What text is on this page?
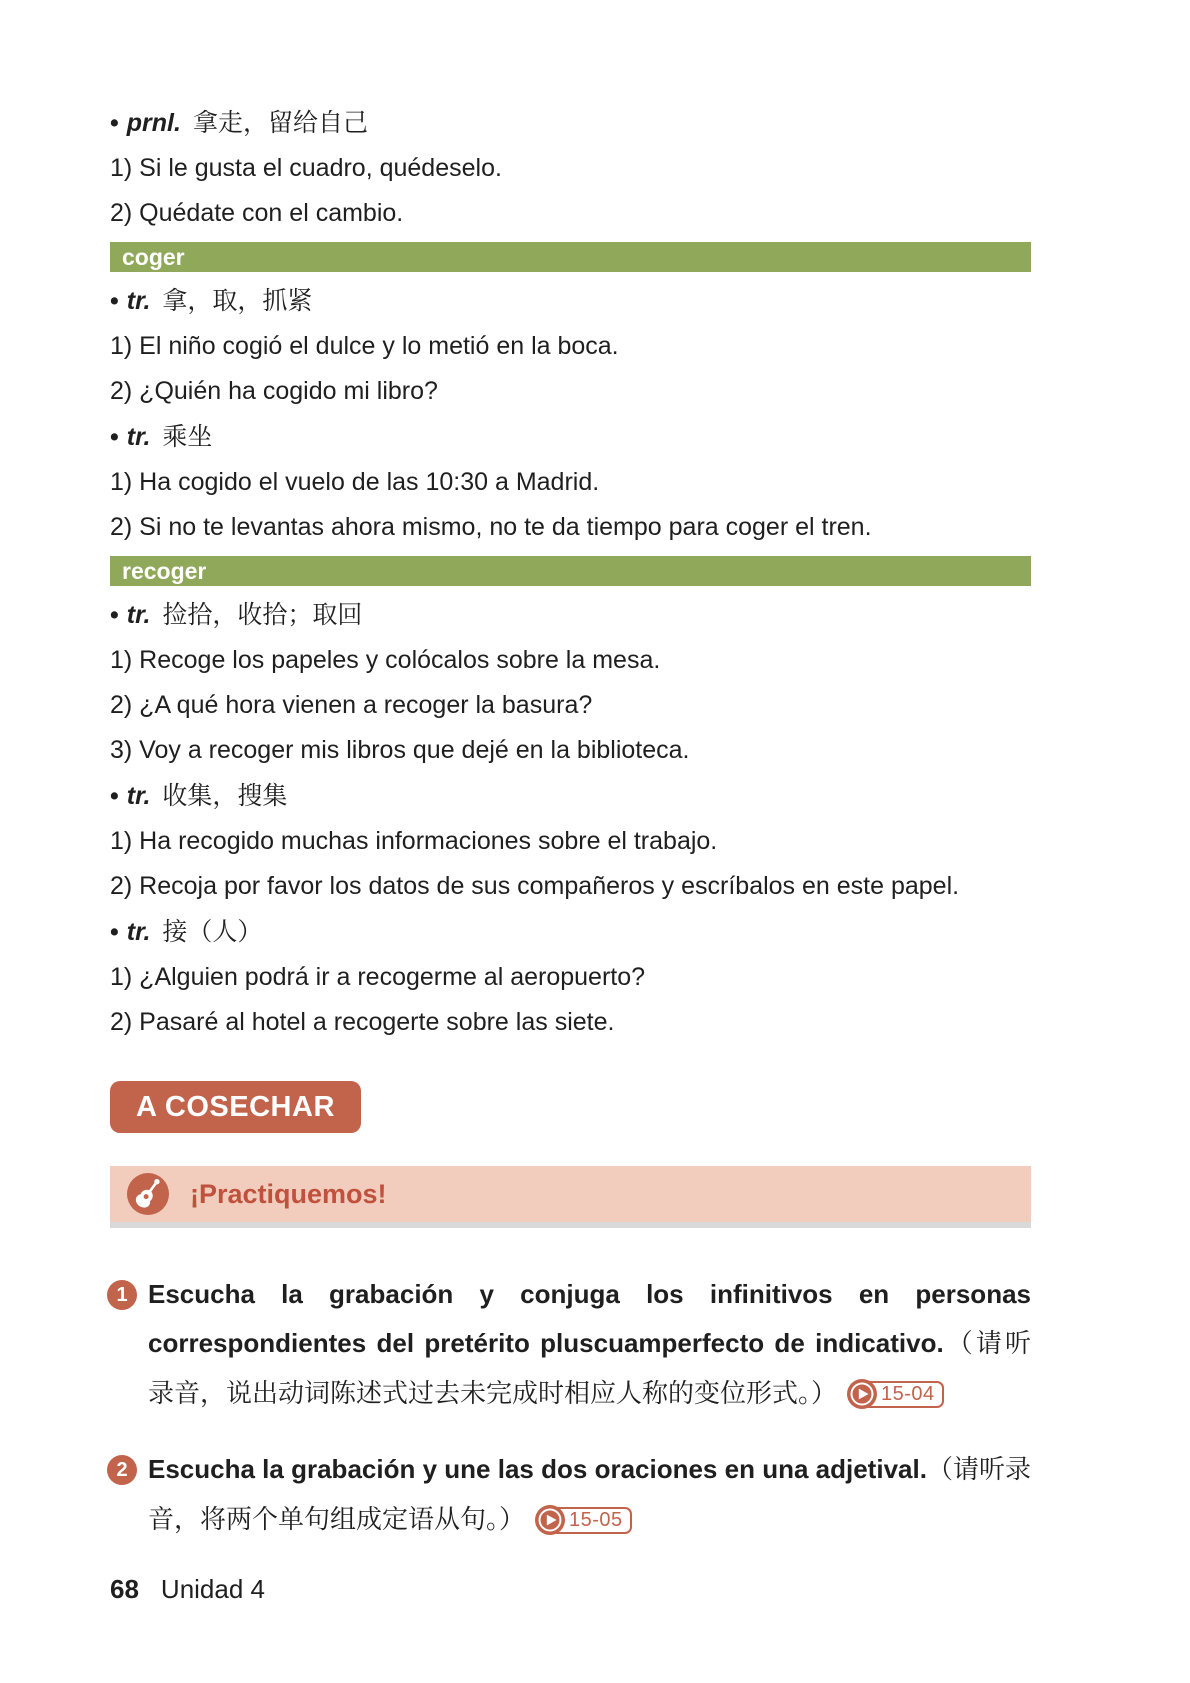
• prnl. 拿走，留给自己
1) Si le gusta el cuadro, quédeselo.
2) Quédate con el cambio.
coger
• tr. 拿，取，抓紧
1) El niño cogió el dulce y lo metió en la boca.
2) ¿Quién ha cogido mi libro?
• tr. 乘坐
1) Ha cogido el vuelo de las 10:30 a Madrid.
2) Si no te levantas ahora mismo, no te da tiempo para coger el tren.
recoger
• tr. 捡拾，收拾；取回
1) Recoge los papeles y colócalos sobre la mesa.
2) ¿A qué hora vienen a recoger la basura?
3) Voy a recoger mis libros que dejé en la biblioteca.
• tr. 收集，搜集
1) Ha recogido muchas informaciones sobre el trabajo.
2) Recoja por favor los datos de sus compañeros y escríbalos en este papel.
• tr. 接（人）
1) ¿Alguien podrá ir a recogerme al aeropuerto?
2) Pasaré al hotel a recogerte sobre las siete.
A COSECHAR
¡Practiquemos!
1 Escucha la grabación y conjuga los infinitivos en personas correspondientes del pretérito pluscuamperfecto de indicativo.（请听录音，说出动词陈述式过去未完成时相应人称的变位形式。）	15-04
2 Escucha la grabación y une las dos oraciones en una adjetival.（请听录音，将两个单句组成定语从句。）	15-05
68 Unidad 4
